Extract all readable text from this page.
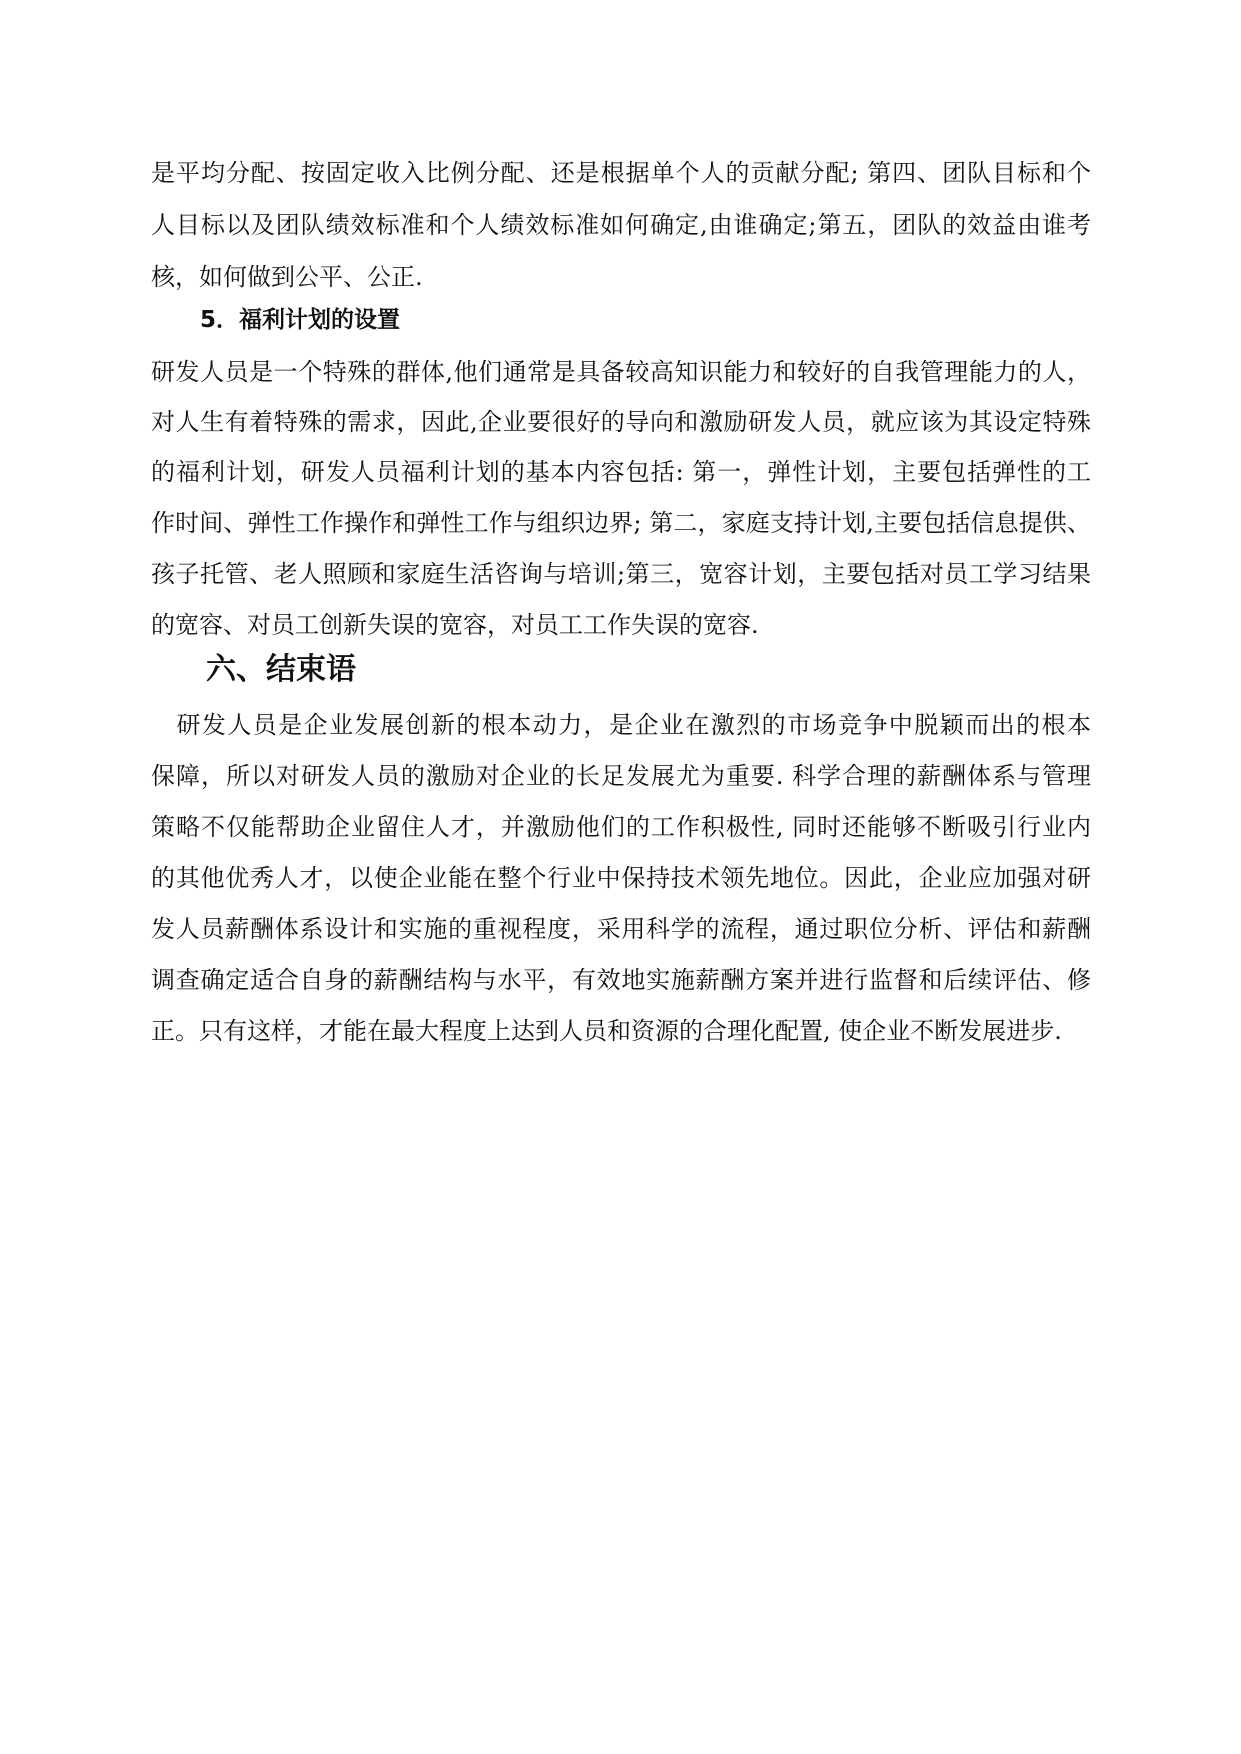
是平均分配、按固定收入比例分配、还是根据单个人的贡献分配; 第四、团队目标和个
人目标以及团队绩效标准和个人绩效标准如何确定,由谁确定;第五，团队的效益由谁考
核，如何做到公平、公正.
5．福利计划的设置
研发人员是一个特殊的群体,他们通常是具备较高知识能力和较好的自我管理能力的人，
对人生有着特殊的需求，因此,企业要很好的导向和激励研发人员，就应该为其设定特殊
的福利计划，研发人员福利计划的基本内容包括: 第一，弹性计划，主要包括弹性的工
作时间、弹性工作操作和弹性工作与组织边界; 第二，家庭支持计划,主要包括信息提供、
孩子托管、老人照顾和家庭生活咨询与培训;第三，宽容计划，主要包括对员工学习结果
的宽容、对员工创新失误的宽容，对员工工作失误的宽容.
六、结束语
　研发人员是企业发展创新的根本动力，是企业在激烈的市场竞争中脱颖而出的根本
保障，所以对研发人员的激励对企业的长足发展尤为重要. 科学合理的薪酬体系与管理
策略不仅能帮助企业留住人才，并激励他们的工作积极性, 同时还能够不断吸引行业内
的其他优秀人才，以使企业能在整个行业中保持技术领先地位。因此，企业应加强对研
发人员薪酬体系设计和实施的重视程度，采用科学的流程，通过职位分析、评估和薪酬
调查确定适合自身的薪酬结构与水平，有效地实施薪酬方案并进行监督和后续评估、修
正。只有这样，才能在最大程度上达到人员和资源的合理化配置, 使企业不断发展进步.
